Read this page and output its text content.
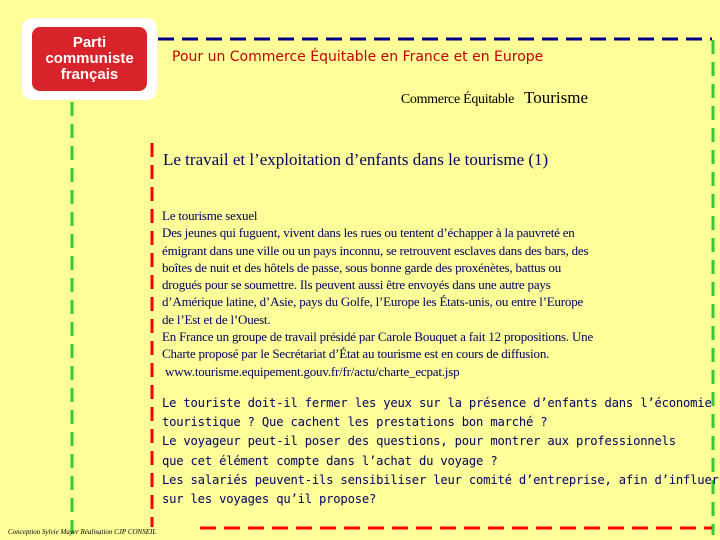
Parti
communiste
français
Pour un Commerce Équitable en France et en Europe
Commerce Équitable Tourisme
Le travail et l’exploitation d’enfants dans le tourisme (1)
Le tourisme sexuel
Des jeunes qui fuguent, vivent dans les rues ou tentent d’échapper à la pauvreté en
émigrant dans une ville ou un pays inconnu, se retrouvent esclaves dans des bars, des
boîtes de nuit et des hôtels de passe, sous bonne garde des proxénètes, battus ou
drogués pour se soumettre. Ils peuvent aussi être envoyés dans une autre pays
d’Amérique latine, d’Asie, pays du Golfe, l’Europe les États-unis, ou entre l’Europe
de l’Est et de l’Ouest.
En France un groupe de travail présidé par Carole Bouquet a fait 12 propositions. Une
Charte proposé par le Secrétariat d’État au tourisme est en cours de diffusion.
www.tourisme.equipement.gouv.fr/fr/actu/charte_ecpat.jsp
Le touriste doit-il fermer les yeux sur la présence d’enfants dans l’économie
touristique ? Que cachent les prestations bon marché ?
Le voyageur peut-il poser des questions, pour montrer aux professionnels
que cet élément compte dans l’achat du voyage ?
Les salariés peuvent-ils sensibiliser leur comité d’entreprise, afin d’influer
sur les voyages qu’il propose?
Conception Sylvie Mayer Réalisation CJP CONSEIL
